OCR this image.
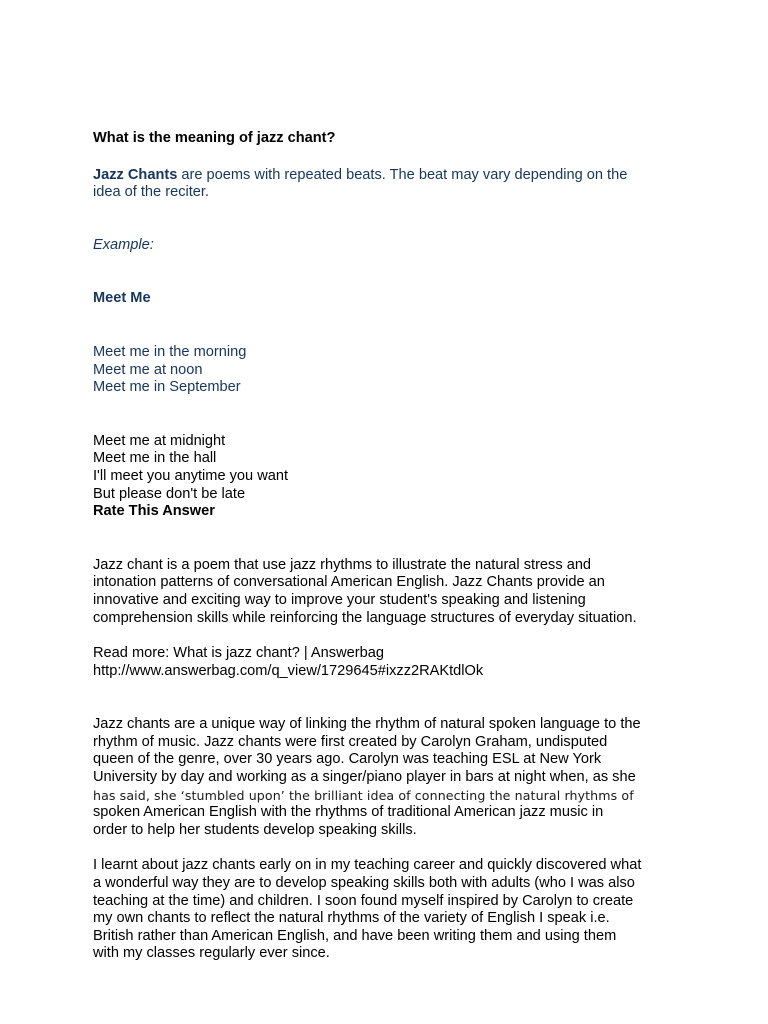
What is the meaning of jazz chant?

Jazz Chants are poems with repeated beats. The beat may vary depending on the
idea of the reciter.
Example:
Meet Me
Meet me in the morning
Meet me at noon
Meet me in September
Meet me at midnight
Meet me in the hall
I'll meet you anytime you want
But please don't be late
Rate This Answer
Jazz chant is a poem that use jazz rhythms to illustrate the natural stress and
intonation patterns of conversational American English. Jazz Chants provide an
innovative and exciting way to improve your student's speaking and listening
comprehension skills while reinforcing the language structures of everyday situation.
Read more: What is jazz chant? | Answerbag
http://www.answerbag.com/q_view/1729645#ixzz2RAKtdlOk
Jazz chants are a unique way of linking the rhythm of natural spoken language to the
rhythm of music. Jazz chants were first created by Carolyn Graham, undisputed
queen of the genre, over 30 years ago. Carolyn was teaching ESL at New York
University by day and working as a singer/piano player in bars at night when, as she
has said, she ‘stumbled upon’ the brilliant idea of connecting the natural rhythms of
spoken American English with the rhythms of traditional American jazz music in
order to help her students develop speaking skills.
I learnt about jazz chants early on in my teaching career and quickly discovered what
a wonderful way they are to develop speaking skills both with adults (who I was also
teaching at the time) and children. I soon found myself inspired by Carolyn to create
my own chants to reflect the natural rhythms of the variety of English I speak i.e.
British rather than American English, and have been writing them and using them
with my classes regularly ever since.
